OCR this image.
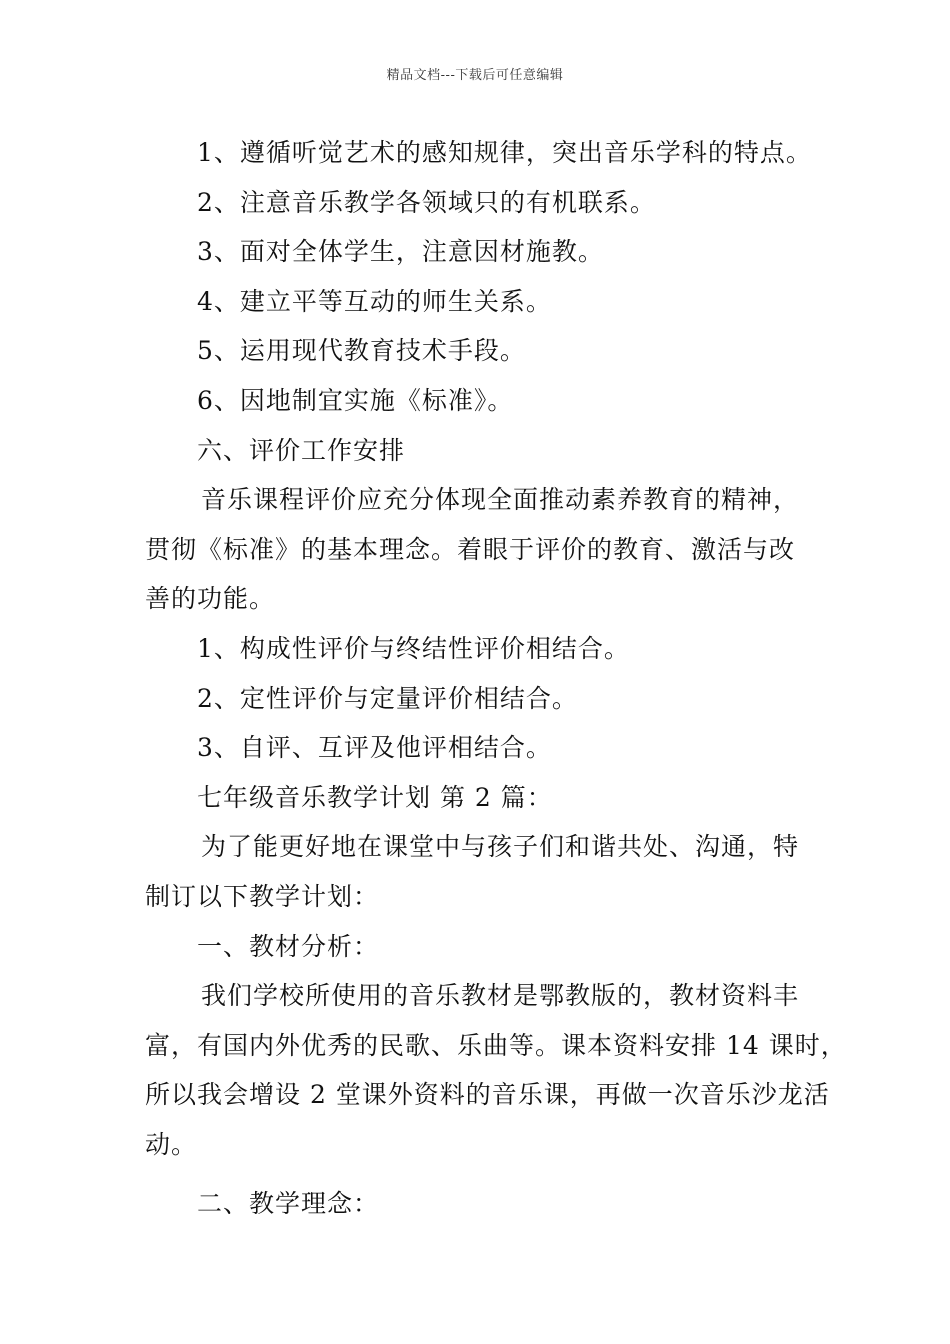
精品文档---下载后可任意编辑
1、遵循听觉艺术的感知规律，突出音乐学科的特点。
2、注意音乐教学各领域只的有机联系。
3、面对全体学生，注意因材施教。
4、建立平等互动的师生关系。
5、运用现代教育技术手段。
6、因地制宜实施《标准》。
六、评价工作安排
音乐课程评价应充分体现全面推动素养教育的精神，
贯彻《标准》的基本理念。着眼于评价的教育、激活与改
善的功能。
1、构成性评价与终结性评价相结合。
2、定性评价与定量评价相结合。
3、自评、互评及他评相结合。
七年级音乐教学计划 第 2 篇：
为了能更好地在课堂中与孩子们和谐共处、沟通，特
制订以下教学计划：
一、教材分析：
我们学校所使用的音乐教材是鄂教版的，教材资料丰
富，有国内外优秀的民歌、乐曲等。课本资料安排 14 课时，
所以我会增设 2 堂课外资料的音乐课，再做一次音乐沙龙活
动。
二、教学理念：
